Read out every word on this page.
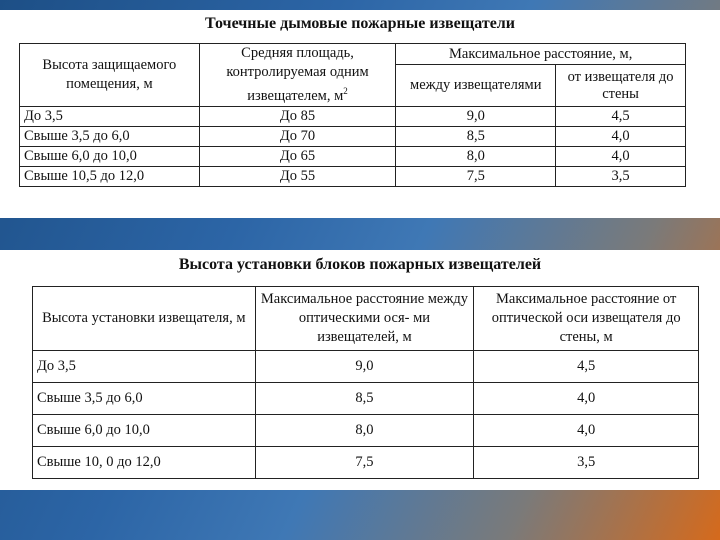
Точечные дымовые пожарные извещатели
Высота защищаемого помещения, м	Средняя площадь, контролируемая одним извещателем, $м^2$	Максимальное расстояние, м,	
		между извещателями	от извещателя до стены
До 3,5	До 85	9,0	4,5
Свыше 3,5 до 6,0	До 70	8,5	4,0
Свыше 6,0 до 10,0	До 65	8,0	4,0
Свыше 10,5 до 12,0	До 55	7,5	3,5
Высота установки блоков пожарных извещателей
Высота установки извещателя, м	Максимальное расстояние между оптическими ося- ми извещателей, м	Максимальное расстояние от оптической оси извещателя до стены, м
До 3,5	9,0	4,5
Свыше 3,5 до 6,0	8,5	4,0
Свыше 6,0 до 10,0	8,0	4,0
Свыше 10, 0 до 12,0	7,5	3,5
